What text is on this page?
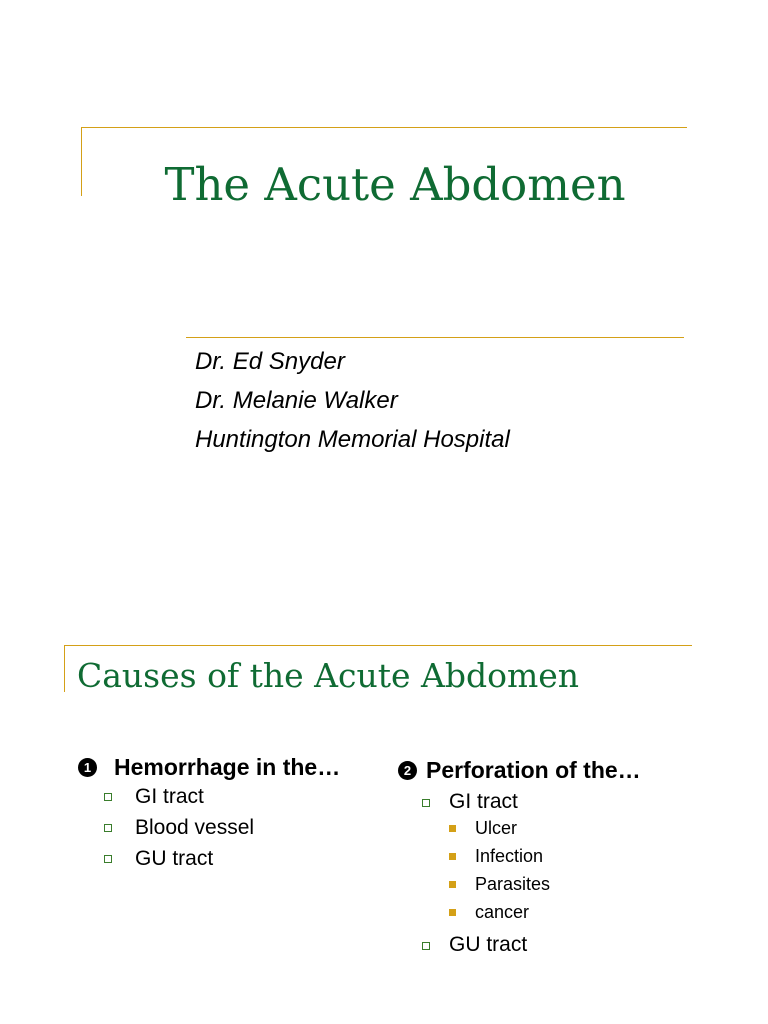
The Acute Abdomen
Dr. Ed Snyder
Dr. Melanie Walker
Huntington Memorial Hospital
Causes of the Acute Abdomen
1 Hemorrhage in the…
GI tract
Blood vessel
GU tract
2 Perforation of the…
GI tract
Ulcer
Infection
Parasites
cancer
GU tract
